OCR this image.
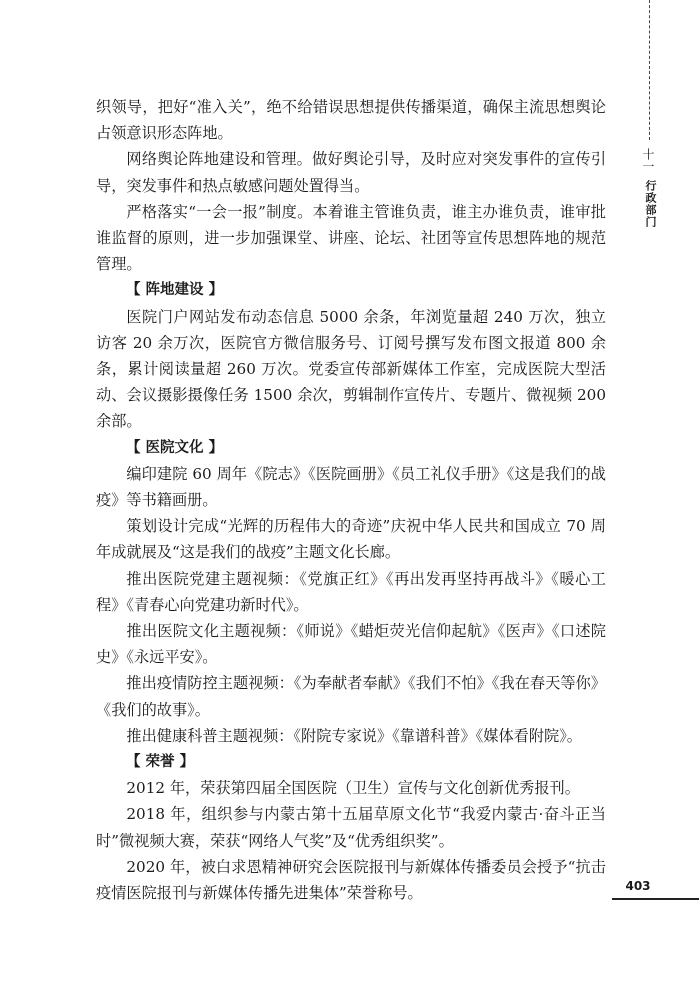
十一
行政部门

织领导，把好“准入关”，绝不给错误思想提供传播渠道，确保主流思想舆论占领意识形态阵地。

网络舆论阵地建设和管理。做好舆论引导，及时应对突发事件的宣传引导，突发事件和热点敏感问题处置得当。

严格落实“一会一报”制度。本着谁主管谁负责，谁主办谁负责，谁审批谁监督的原则，进一步加强课堂、讲座、论坛、社团等宣传思想阵地的规范管理。

【 阵地建设 】

医院门户网站发布动态信息 5000 余条，年浏览量超 240 万次，独立访客 20 余万次，医院官方微信服务号、订阅号撰写发布图文报道 800 余条，累计阅读量超 260 万次。党委宣传部新媒体工作室，完成医院大型活动、会议摄影摄像任务 1500 余次，剪辑制作宣传片、专题片、微视频 200 余部。

【 医院文化 】

编印建院 60 周年《院志》《医院画册》《员工礼仪手册》《这是我们的战疫》等书籍画册。

策划设计完成“光辉的历程伟大的奇迹”庆祝中华人民共和国成立 70 周年成就展及“这是我们的战疫”主题文化长廊。

推出医院党建主题视频：《党旗正红》《再出发再坚持再战斗》《暖心工程》《青春心向党建功新时代》。

推出医院文化主题视频：《师说》《蜡炬荧光信仰起航》《医声》《口述院史》《永远平安》。

推出疫情防控主题视频：《为奉献者奉献》《我们不怕》《我在春天等你》《我们的故事》。

推出健康科普主题视频：《附院专家说》《靠谱科普》《媒体看附院》。

【 荣誉 】

2012 年，荣获第四届全国医院（卫生）宣传与文化创新优秀报刊。

2018 年，组织参与内蒙古第十五届草原文化节“我爱内蒙古·奋斗正当时”微视频大赛，荣获“网络人气奖”及“优秀组织奖”。

2020 年，被白求恩精神研究会医院报刊与新媒体传播委员会授予“抗击疫情医院报刊与新媒体传播先进集体”荣誉称号。	403
